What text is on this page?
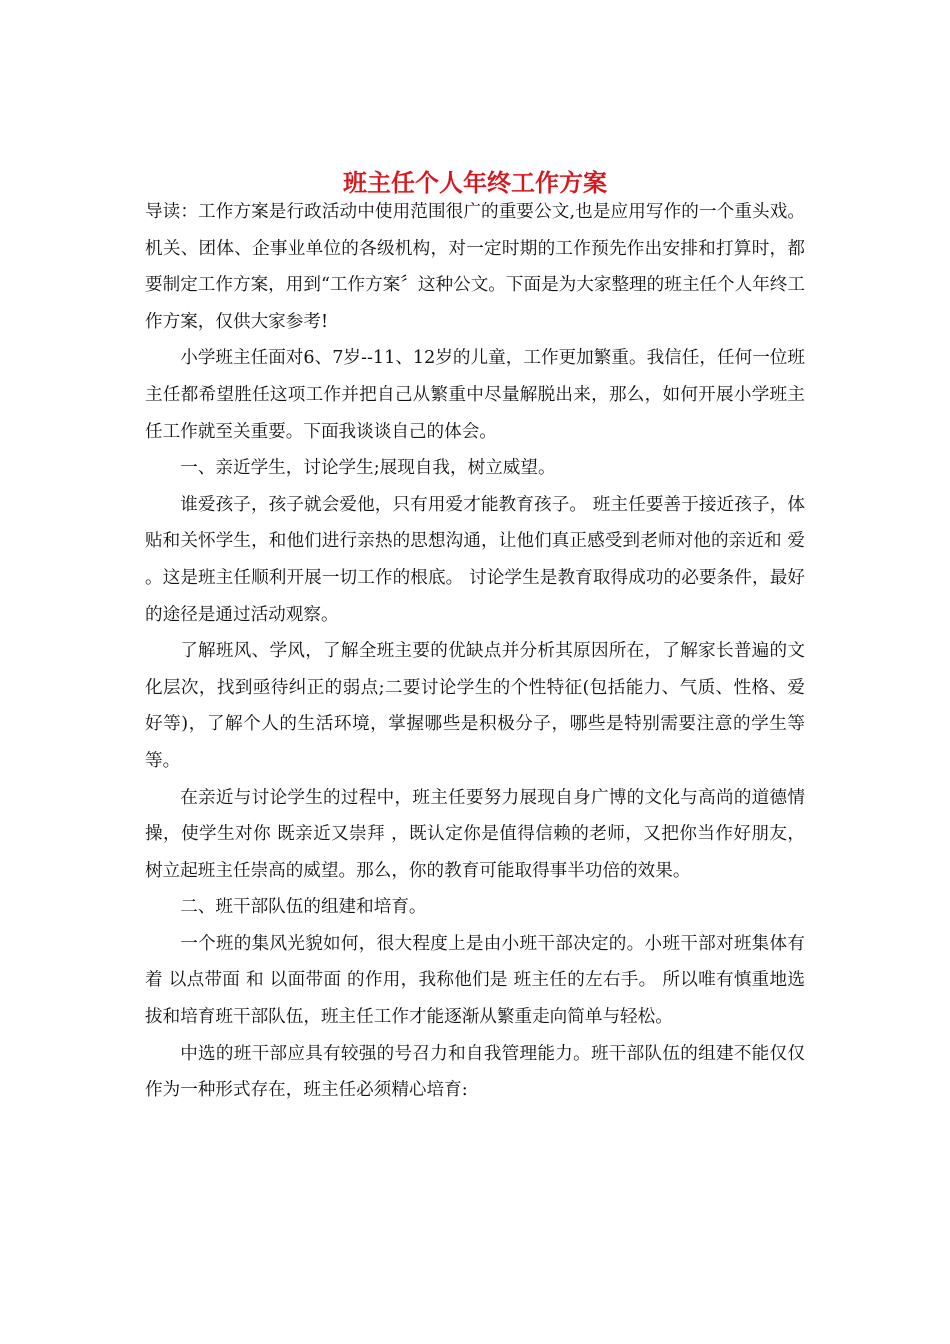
班主任个人年终工作方案

导读：工作方案是行政活动中使用范围很广的重要公文,也是应用写作的一个重头戏。机关、团体、企事业单位的各级机构，对一定时期的工作预先作出安排和打算时，都要制定工作方案，用到“工作方案〞这种公文。下面是为大家整理的班主任个人年终工作方案，仅供大家参考!

小学班主任面对6、7岁--11、12岁的儿童，工作更加繁重。我信任，任何一位班主任都希望胜任这项工作并把自己从繁重中尽量解脱出来，那么，如何开展小学班主任工作就至关重要。下面我谈谈自己的体会。

一、亲近学生，讨论学生;展现自我，树立威望。

谁爱孩子，孩子就会爱他，只有用爱才能教育孩子。 班主任要善于接近孩子，体贴和关怀学生，和他们进行亲热的思想沟通，让他们真正感受到老师对他的亲近和 爱 。这是班主任顺利开展一切工作的根底。 讨论学生是教育取得成功的必要条件，最好的途径是通过活动观察。

了解班风、学风，了解全班主要的优缺点并分析其原因所在，了解家长普遍的文化层次，找到亟待纠正的弱点;二要讨论学生的个性特征(包括能力、气质、性格、爱好等)，了解个人的生活环境，掌握哪些是积极分子，哪些是特别需要注意的学生等等。

在亲近与讨论学生的过程中，班主任要努力展现自身广博的文化与高尚的道德情操，使学生对你 既亲近又崇拜 ，既认定你是值得信赖的老师，又把你当作好朋友，树立起班主任崇高的威望。那么，你的教育可能取得事半功倍的效果。

二、班干部队伍的组建和培育。

一个班的集风光貌如何，很大程度上是由小班干部决定的。小班干部对班集体有着 以点带面 和 以面带面 的作用，我称他们是 班主任的左右手。 所以唯有慎重地选拔和培育班干部队伍，班主任工作才能逐渐从繁重走向简单与轻松。

中选的班干部应具有较强的号召力和自我管理能力。班干部队伍的组建不能仅仅作为一种形式存在，班主任必须精心培育:
